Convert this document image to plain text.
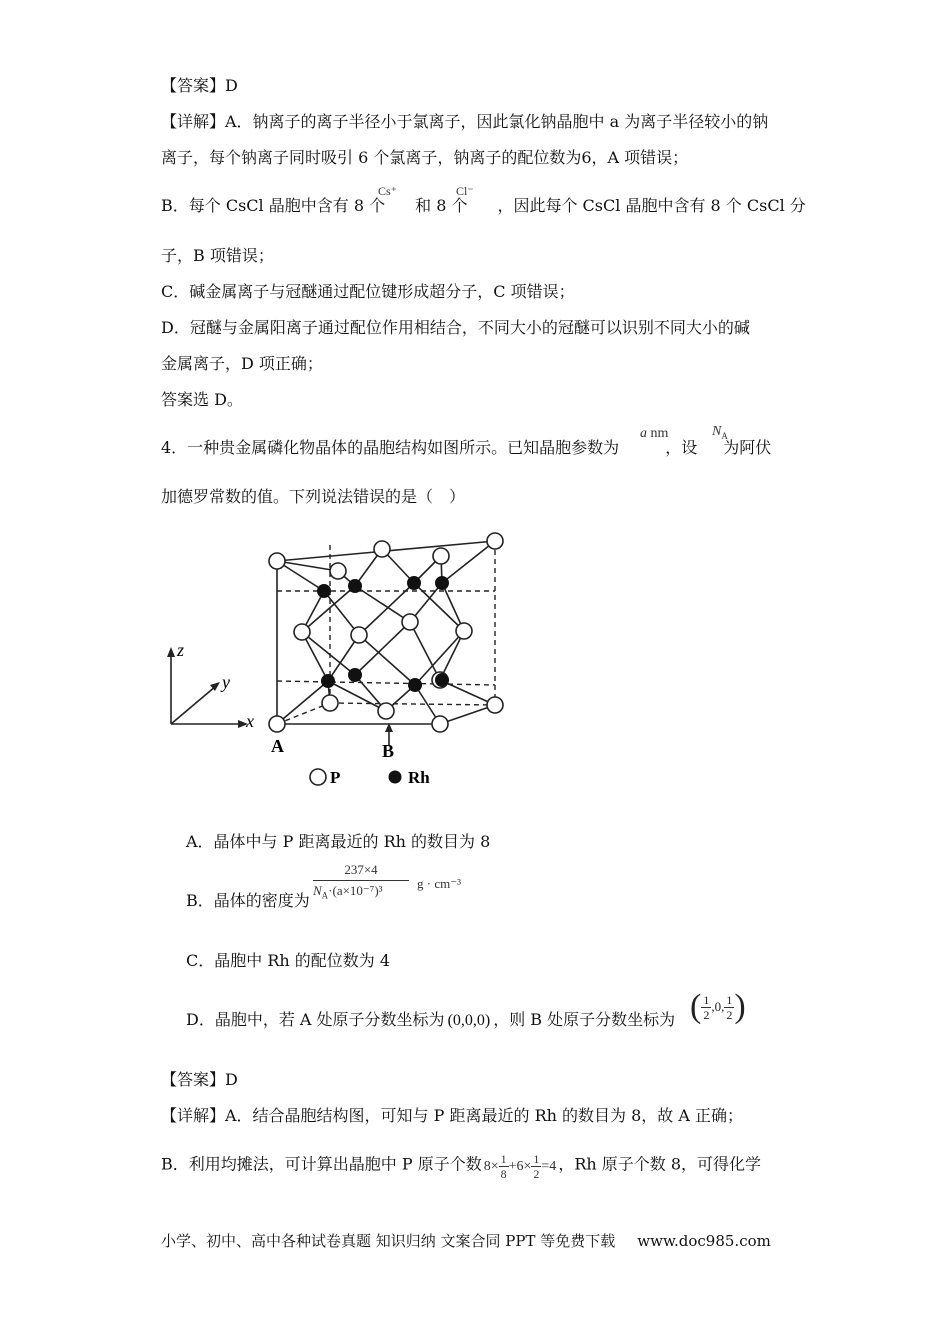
【答案】D
【详解】A．钠离子的离子半径小于氯离子，因此氯化钠晶胞中 a 为离子半径较小的钠
离子，每个钠离子同时吸引 6 个氯离子，钠离子的配位数为6，A 项错误；
B．每个 CsCl 晶胞中含有 8 个 和 8 个 ，因此每个 CsCl 晶胞中含有 8 个 CsCl 分
Cs⁺	Cl⁻
子，B 项错误；
C．碱金属离子与冠醚通过配位键形成超分子，C 项错误；
D．冠醚与金属阳离子通过配位作用相结合，不同大小的冠醚可以识别不同大小的碱
金属离子，D 项正确；
答案选 D。
4．一种贵金属磷化物晶体的晶胞结构如图所示。已知晶胞参数为	，设 为阿伏
a nm	$N_A$
加德罗常数的值。下列说法错误的是（　）
z
y
x
A	B
P	Rh
A．晶体中与 P 距离最近的 Rh 的数目为 8
B．晶体的密度为 $\frac{237\times 4}{N_A\cdot(a\times 10^{-7})^3}$ g · cm⁻³
C．晶胞中 Rh 的配位数为 4
D．晶胞中，若 A 处原子分数坐标为 (0,0,0) ，则 B 处原子分数坐标为 ( $\frac{1}{2} ,0$, $\frac{1}{2}$ )
【答案】D
【详解】A．结合晶胞结构图，可知与 P 距离最近的 Rh 的数目为 8，故 A 正确；
B．利用均摊法，可计算出晶胞中 P 原子个数 $8\times \frac{1}{8} +6\times \frac{1}{2} =4$ ，Rh 原子个数 8，可得化学
小学、初中、高中各种试卷真题 知识归纳 文案合同 PPT 等免费下载 www.doc985.com
